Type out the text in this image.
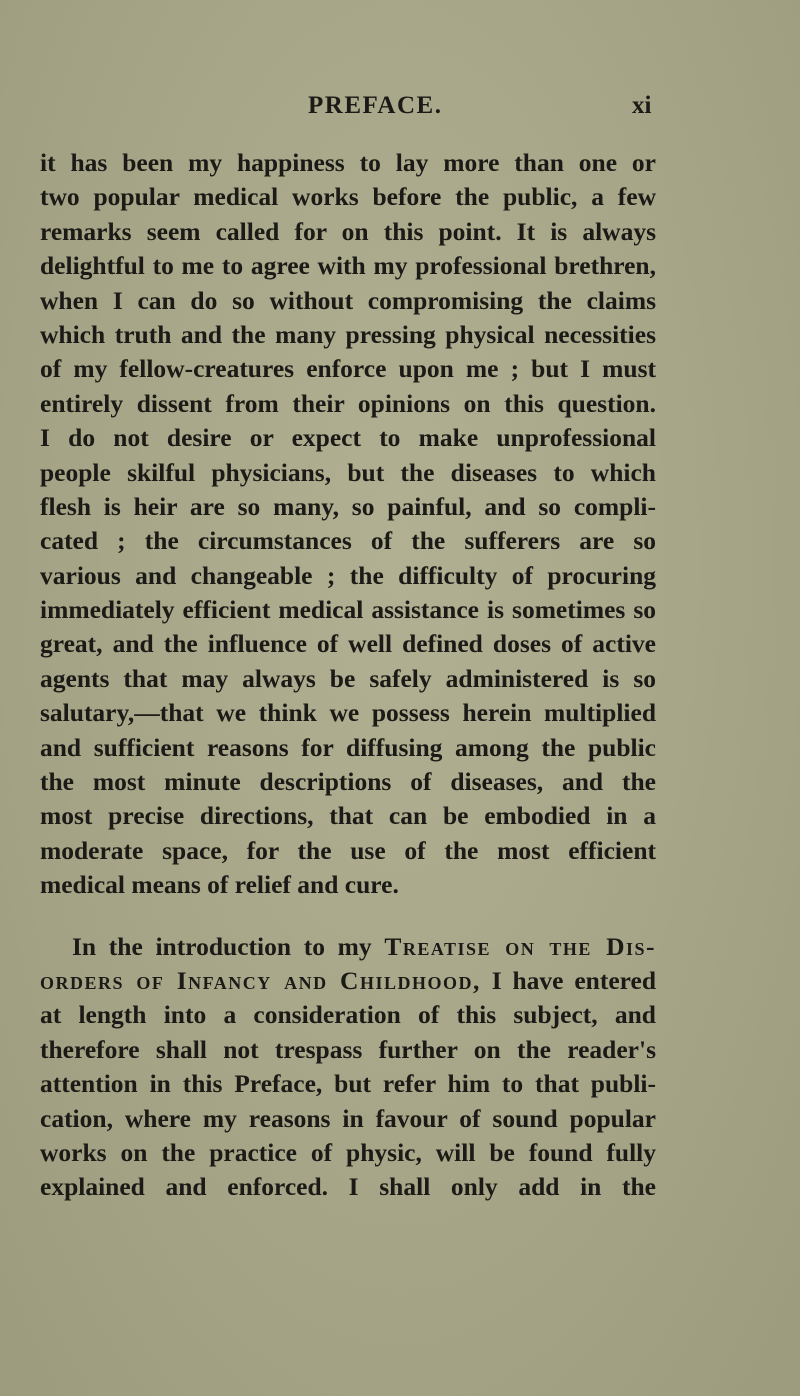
PREFACE.	xi
it has been my happiness to lay more than one or
two popular medical works before the public, a few
remarks seem called for on this point. It is always
delightful to me to agree with my professional brethren,
when I can do so without compromising the claims
which truth and the many pressing physical necessities
of my fellow-creatures enforce upon me ; but I must
entirely dissent from their opinions on this question.
I do not desire or expect to make unprofessional
people skilful physicians, but the diseases to which
flesh is heir are so many, so painful, and so compli-
cated ; the circumstances of the sufferers are so
various and changeable ; the difficulty of procuring
immediately efficient medical assistance is sometimes so
great, and the influence of well defined doses of active
agents that may always be safely administered is so
salutary,—that we think we possess herein multiplied
and sufficient reasons for diffusing among the public
the most minute descriptions of diseases, and the
most precise directions, that can be embodied in a
moderate space, for the use of the most efficient
medical means of relief and cure.
In the introduction to my Treatise on the Dis-
orders of Infancy and Childhood, I have entered
at length into a consideration of this subject, and
therefore shall not trespass further on the reader's
attention in this Preface, but refer him to that publi-
cation, where my reasons in favour of sound popular
works on the practice of physic, will be found fully
explained and enforced. I shall only add in the
